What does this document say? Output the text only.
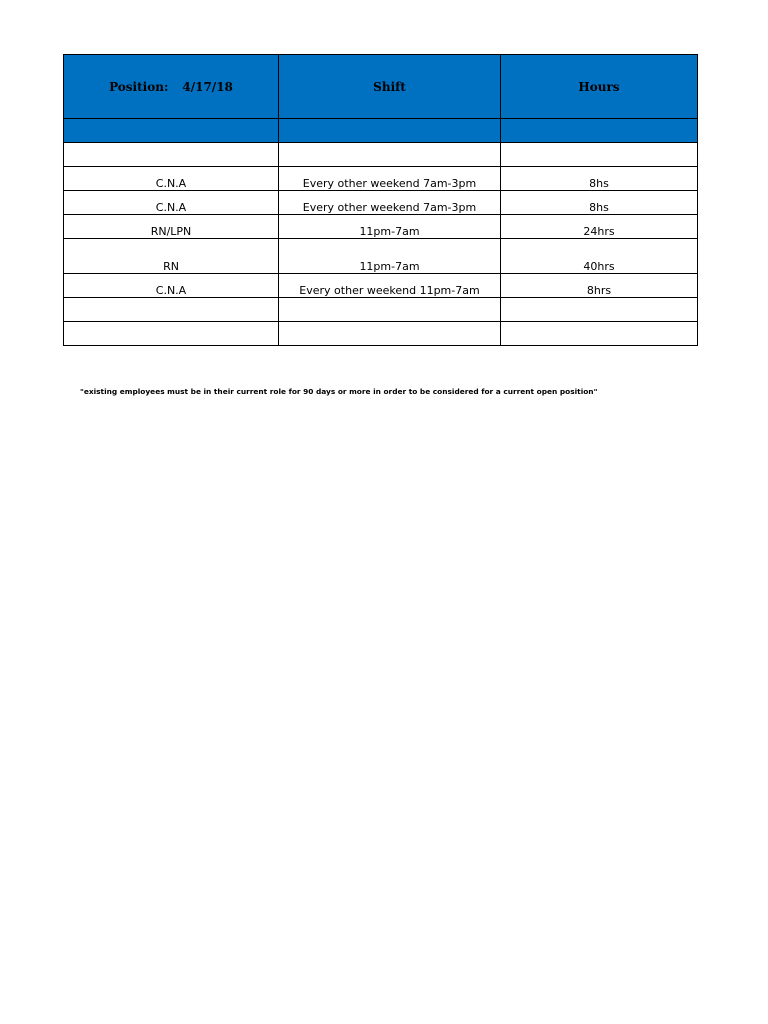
Position: 4/17/18	Shift	Hours

C.N.A	Every other weekend 7am-3pm	8hs
C.N.A	Every other weekend 7am-3pm	8hs
RN/LPN	11pm-7am	24hrs
RN	11pm-7am	40hrs
C.N.A	Every other weekend 11pm-7am	8hrs

"existing employees must be in their current role for 90 days or more in order to be considered for a current open position"
